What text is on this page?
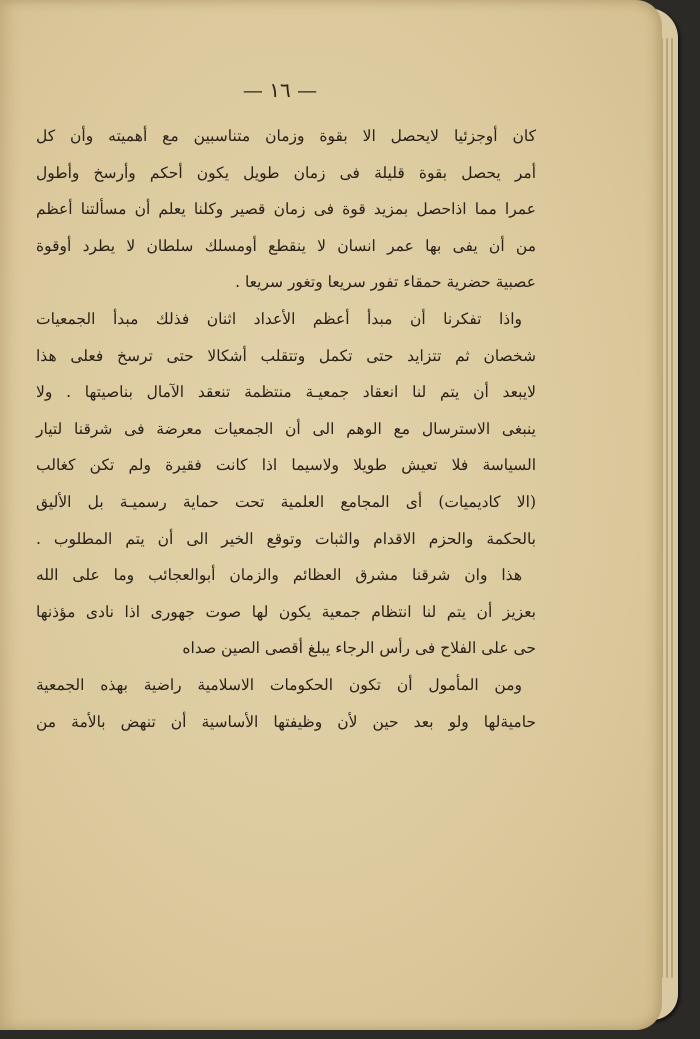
— ١٦ —
كان أوجزئيا لايحصل الا بقوة وزمان متناسبين مع أهميته وأن كل
أمر يحصل بقوة قليلة فى زمان طويل يكون أحكم وأرسخ وأطول
عمرا مما اذاحصل بمزيد قوة فى زمان قصير وكلنا يعلم أن مسألتنا أعظم
من أن يفى بها عمر انسان لا ينقطع أومسلك سلطان لا يطرد أوقوة
عصبية حضرية حمقاء تفور سريعا وتغور سريعا .
واذا تفكرنا أن مبدأ أعظم الأعداد اثنان فذلك مبدأ الجمعيات
شخصان ثم تتزايد حتى تكمل وتتقلب أشكالا حتى ترسخ فعلى هذا
لايبعد أن يتم لنا انعقاد جمعيـة منتظمة تنعقد الآمال بناصيتها . ولا
ينبغى الاسترسال مع الوهم الى أن الجمعيات معرضة فى شرقنا لتيار
السياسة فلا تعيش طويلا ولاسيما اذا كانت فقيرة ولم تكن كغالب
(الا كاديميات) أى المجامع العلمية تحت حماية رسميـة بل الأليق
بالحكمة والحزم الاقدام والثبات وتوقع الخير الى أن يتم المطلوب .
هذا وان شرقنا مشرق العظائم والزمان أبوالعجائب وما على الله
بعزيز أن يتم لنا انتظام جمعية يكون لها صوت جهورى اذا نادى مؤذنها
حى على الفلاح فى رأس الرجاء يبلغ أقصى الصين صداه
ومن المأمول أن تكون الحكومات الاسلامية راضية بهذه الجمعية
حاميةلها ولو بعد حين لأن وظيفتها الأساسية أن تنهض بالأمة من
